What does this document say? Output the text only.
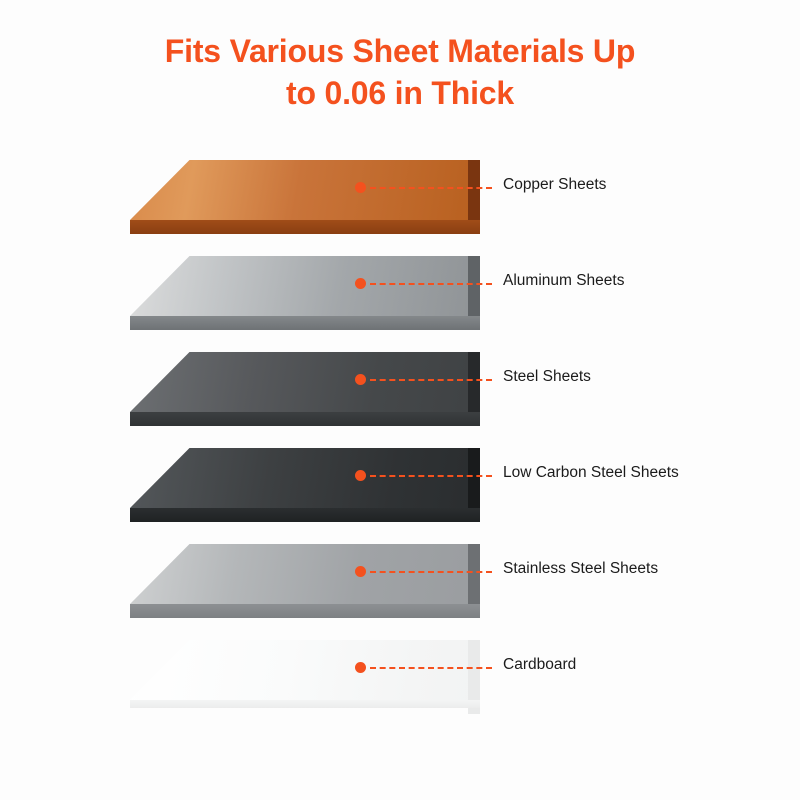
Fits Various Sheet Materials Up
to 0.06 in Thick
Copper Sheets
Aluminum Sheets
Steel Sheets
Low Carbon Steel Sheets
Stainless Steel Sheets
Cardboard
